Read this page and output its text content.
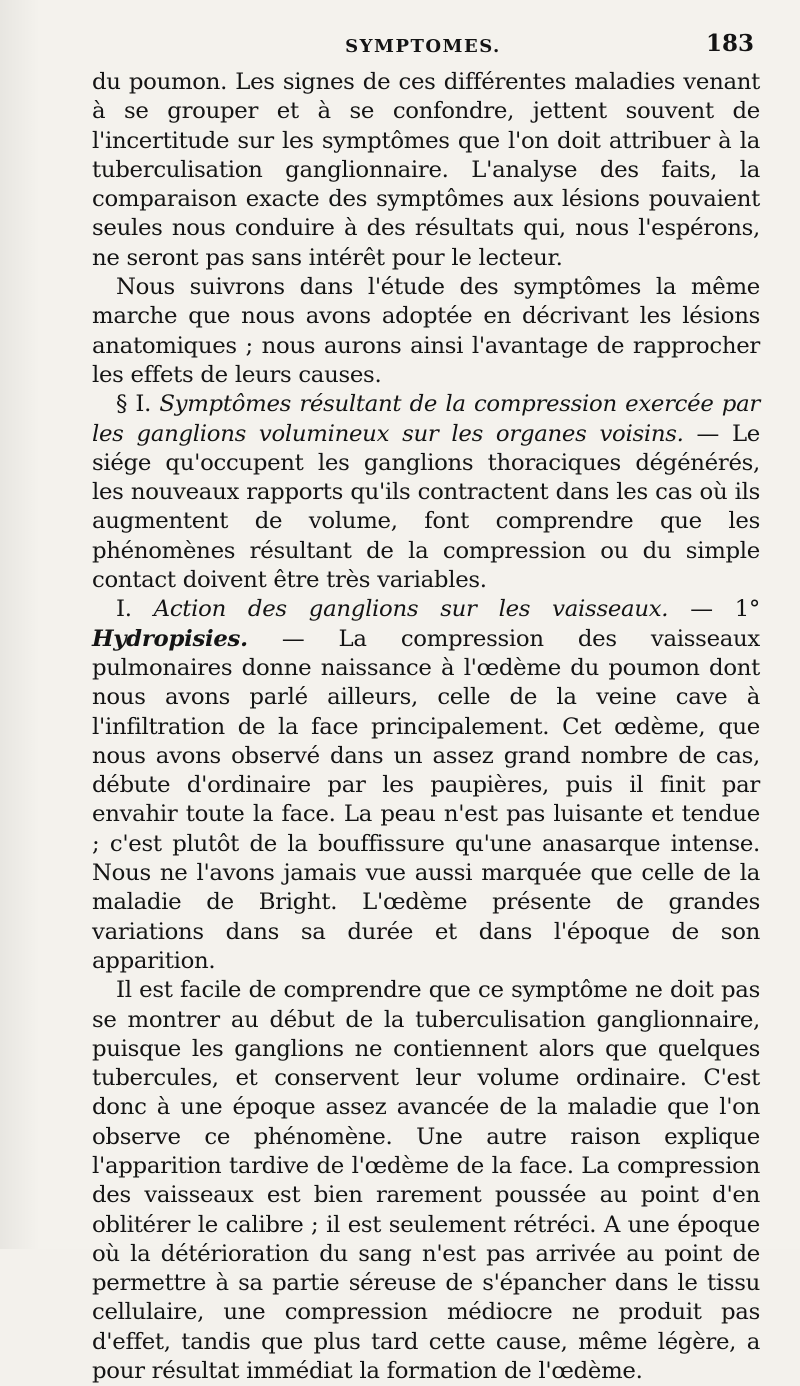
SYMPTOMES.	183

du poumon. Les signes de ces différentes maladies venant à se grouper et à se confondre, jettent souvent de l'incertitude sur les symptômes que l'on doit attribuer à la tuberculisation ganglionnaire. L'analyse des faits, la comparaison exacte des symptômes aux lésions pouvaient seules nous conduire à des résultats qui, nous l'espérons, ne seront pas sans intérêt pour le lecteur.

Nous suivrons dans l'étude des symptômes la même marche que nous avons adoptée en décrivant les lésions anatomiques ; nous aurons ainsi l'avantage de rapprocher les effets de leurs causes.

§ I. Symptômes résultant de la compression exercée par les ganglions volumineux sur les organes voisins. — Le siége qu'occupent les ganglions thoraciques dégénérés, les nouveaux rapports qu'ils contractent dans les cas où ils augmentent de volume, font comprendre que les phénomènes résultant de la compression ou du simple contact doivent être très variables.

I. Action des ganglions sur les vaisseaux. — 1° Hydropisies. — La compression des vaisseaux pulmonaires donne naissance à l'œdème du poumon dont nous avons parlé ailleurs, celle de la veine cave à l'infiltration de la face principalement. Cet œdème, que nous avons observé dans un assez grand nombre de cas, débute d'ordinaire par les paupières, puis il finit par envahir toute la face. La peau n'est pas luisante et tendue ; c'est plutôt de la bouffissure qu'une anasarque intense. Nous ne l'avons jamais vue aussi marquée que celle de la maladie de Bright. L'œdème présente de grandes variations dans sa durée et dans l'époque de son apparition.

Il est facile de comprendre que ce symptôme ne doit pas se montrer au début de la tuberculisation ganglionnaire, puisque les ganglions ne contiennent alors que quelques tubercules, et conservent leur volume ordinaire. C'est donc à une époque assez avancée de la maladie que l'on observe ce phénomène. Une autre raison explique l'apparition tardive de l'œdème de la face. La compression des vaisseaux est bien rarement poussée au point d'en oblitérer le calibre ; il est seulement rétréci. A une époque où la détérioration du sang n'est pas arrivée au point de permettre à sa partie séreuse de s'épancher dans le tissu cellulaire, une compression médiocre ne produit pas d'effet, tandis que plus tard cette cause, même légère, a pour résultat immédiat la formation de l'œdème.
